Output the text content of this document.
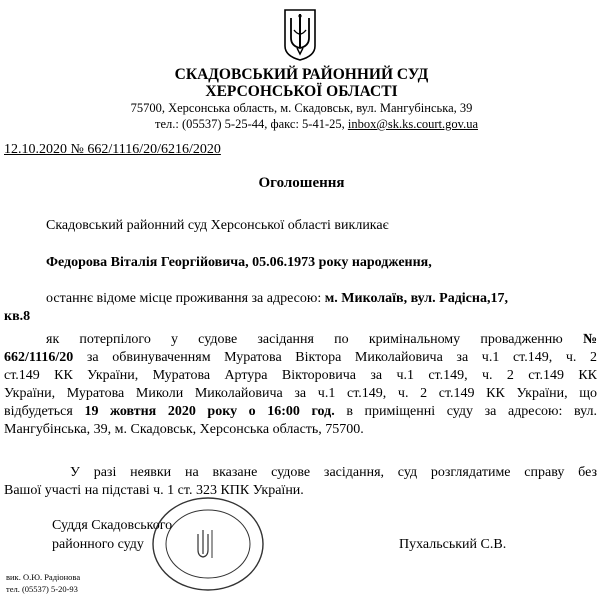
СКАДОВСЬКИЙ РАЙОННИЙ СУД
ХЕРСОНСЬКОЇ ОБЛАСТІ
75700, Херсонська область, м. Скадовськ, вул. Мангубінська, 39
тел.: (05537) 5-25-44, факс: 5-41-25, inbox@sk.ks.court.gov.ua
12.10.2020 № 662/1116/20/6216/2020
Оголошення
Скадовський районний суд Херсонської області викликає
Федорова Віталія Георгійовича, 05.06.1973 року народження,
останнє відоме місце проживання за адресою: м. Миколаїв, вул. Радісна,17,
кв.8
як потерпілого у судове засідання по кримінальному провадженню №
662/1116/20 за обвинуваченням Муратова Віктора Миколайовича за ч.1 ст.149, ч. 2
ст.149 КК України, Муратова Артура Вікторовича за ч.1 ст.149, ч. 2 ст.149 КК
України, Муратова Миколи Миколайовича за ч.1 ст.149, ч. 2 ст.149 КК України, що
відбудеться 19 жовтня 2020 року о 16:00 год. в приміщенні суду за адресою: вул.
Мангубінська, 39, м. Скадовськ, Херсонська область, 75700.
У разі неявки на вказане судове засідання, суд розглядатиме справу без
Вашої участі на підставі ч. 1 ст. 323 КПК України.
Суддя Скадовського
районного суду	Пухальський С.В.
вик. О.Ю. Радіонова
тел. (05537) 5-20-93
